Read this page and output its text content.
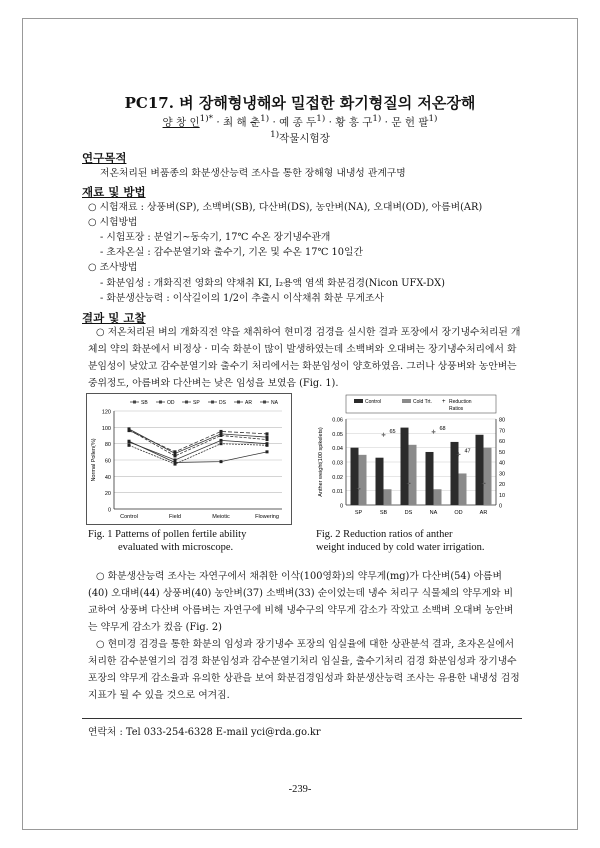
PC17. 벼 장해형냉해와 밀접한 화기형질의 저온장해
양 창 인$^{1)*}$ · 최 해 춘$^{1)}$ · 예 종 두$^{1)}$ · 황 흥 구$^{1)}$ · 문 헌 팔$^{1)}$
$^{1)}$작물시험장
연구목적
저온처리된 벼품종의 화분생산능력 조사을 통한 장해형 내냉성 관계구명
재료 및 방법
○ 시험재료 : 상풍벼(SP), 소백벼(SB), 다산벼(DS), 농안벼(NA), 오대벼(OD), 아름벼(AR)
○ 시험방법
- 시험포장 : 분얼기~동숙기, 17℃ 수온 장기냉수관개
- 초자온실 : 감수분열기와 출수기, 기온 및 수온 17℃ 10일간
○ 조사방법
- 화분임성 : 개화직전 영화의 약채취 KI, I₂용액 염색 화분검경(Nicon UFX-DX)
- 화분생산능력 : 이삭길이의 1/2이 추출시 이삭채취 화분 무게조사
결과 및 고찰
○ 저온처리된 벼의 개화직전 약을 채취하여 현미경 검경을 실시한 결과 포장에서 장기냉수처리된 개체의 약의 화분에서 비정상 · 미숙 화분이 많이 발생하였는데 소백벼와 오대벼는 장기냉수처리에서 화분임성이 낮았고 감수분열기와 출수기 처리에서는 화분임성이 양호하였음. 그러나 상풍벼와 농안벼는 중위정도, 아름벼와 다산벼는 낮은 임성을 보였음 (Fig. 1).
0
20
40
60
80
100
120
Control	Field	Meiotic	Flowering
Normal Pollen(%)
SB	OD	SP	DS	AR	NA
Fig. 1 Patterns of pollen fertile ability
evaluated with microscope.
0
0.01
0.02
0.03
0.04
0.05
0.06
0
10
20
30
40
50
60
70
80
Anther weight(100 spikelets)
SP	SB	DS	NA	OD	AR
+
+
+
+
+
+
65
68
47
Control	Cold Trt. + Reduction
Ratios
Fig. 2 Reduction ratios of anther
weight induced by cold water irrigation.
○ 화분생산능력 조사는 자연구에서 채취한 이삭(100영화)의 약무게(mg)가 다산벼(54) 아름벼(40) 오대벼(44) 상풍벼(40) 농안벼(37) 소백벼(33) 순이었는데 냉수 처리구 식물체의 약무게와 비교하여 상풍벼 다산벼 아름벼는 자연구에 비해 냉수구의 약무게 감소가 작았고 소백벼 오대벼 농안벼는 약무게 감소가 컸음 (Fig. 2)
○ 현미경 검경을 통한 화분의 임성과 장기냉수 포장의 임실율에 대한 상관분석 결과, 초자온실에서 처리한 감수분열기의 검경 화분임성과 감수분열기처리 임실율, 출수기처리 검경 화분임성과 장기냉수포장의 약무게 감소율과 유의한 상관을 보여 화분검경임성과 화분생산능력 조사는 유용한 내냉성 검정 지표가 될 수 있을 것으로 여겨짐.
연락처 : Tel 033-254-6328 E-mail yci@rda.go.kr
-239-
